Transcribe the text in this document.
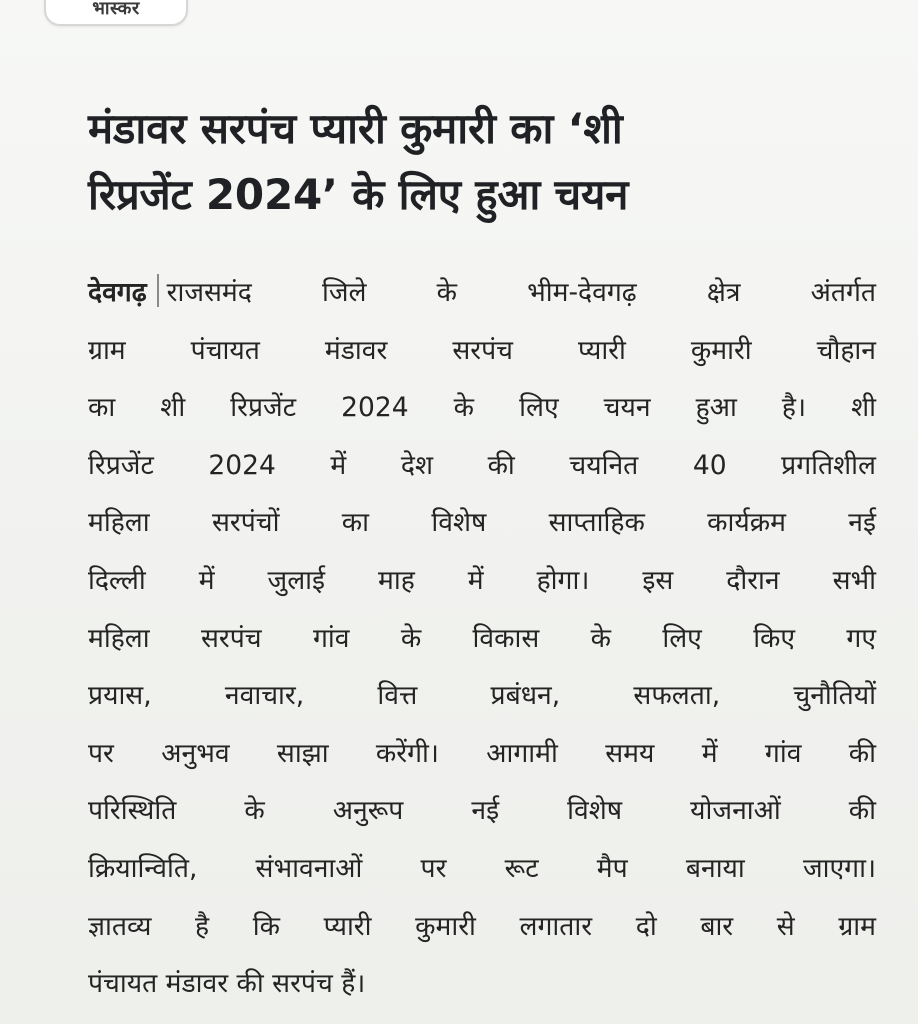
भास्कर
मंडावर सरपंच प्यारी कुमारी का ‘शी
रिप्रजेंट 2024’ के लिए हुआ चयन
देवगढ़ राजसमंद जिले के भीम-देवगढ़ क्षेत्र अंतर्गत
ग्राम पंचायत मंडावर सरपंच प्यारी कुमारी चौहान
का शी रिप्रजेंट 2024 के लिए चयन हुआ है। शी
रिप्रजेंट 2024 में देश की चयनित 40 प्रगतिशील
महिला सरपंचों का विशेष साप्ताहिक कार्यक्रम नई
दिल्ली में जुलाई माह में होगा। इस दौरान सभी
महिला सरपंच गांव के विकास के लिए किए गए
प्रयास, नवाचार, वित्त प्रबंधन, सफलता, चुनौतियों
पर अनुभव साझा करेंगी। आगामी समय में गांव की
परिस्थिति के अनुरूप नई विशेष योजनाओं की
क्रियान्विति, संभावनाओं पर रूट मैप बनाया जाएगा।
ज्ञातव्य है कि प्यारी कुमारी लगातार दो बार से ग्राम
पंचायत मंडावर की सरपंच हैं।
